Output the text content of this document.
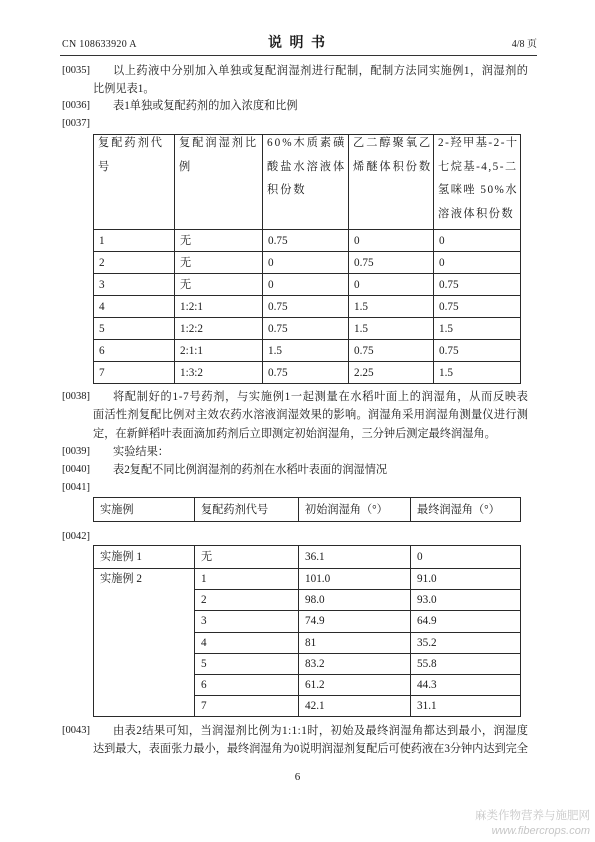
CN 108633920 A	说 明 书	4/8 页
[0035]	以上药液中分别加入单独或复配润湿剂进行配制，配制方法同实施例1，润湿剂的
比例见表1。
[0036]	表1单独或复配药剂的加入浓度和比例
[0037]
复配药剂代号	复配润湿剂比例	60%木质素磺酸盐水溶液体积份数	乙二醇聚氧乙烯醚体积份数	2-羟甲基-2-十七烷基-4,5-二氢咪唑 50%水溶液体积份数

1	无	0.75	0	0
2	无	0	0.75	0
3	无	0	0	0.75
4	1:2:1	0.75	1.5	0.75
5	1:2:2	0.75	1.5	1.5
6	2:1:1	1.5	0.75	0.75
7	1:3:2	0.75	2.25	1.5
[0038]	将配制好的1-7号药剂，与实施例1一起测量在水稻叶面上的润湿角，从而反映表
面活性剂复配比例对主效农药水溶液润湿效果的影响。润湿角采用润湿角测量仪进行测
定，在新鲜稻叶表面滴加药剂后立即测定初始润湿角，三分钟后测定最终润湿角。
[0039]	实验结果：
[0040]	表2复配不同比例润湿剂的药剂在水稻叶表面的润湿情况
[0041]
实施例	复配药剂代号	初始润湿角（°）	最终润湿角（°）
[0042]
实施例 1	无	36.1	0
实施例 2	1	101.0	91.0
	2	98.0	93.0
	3	74.9	64.9
	4	81	35.2
	5	83.2	55.8
	6	61.2	44.3
	7	42.1	31.1
[0043]	由表2结果可知，当润湿剂比例为1:1:1时，初始及最终润湿角都达到最小，润湿度
达到最大，表面张力最小，最终润湿角为0说明润湿剂复配后可使药液在3分钟内达到完全
6
麻类作物营养与施肥网
www.fibercrops.com
